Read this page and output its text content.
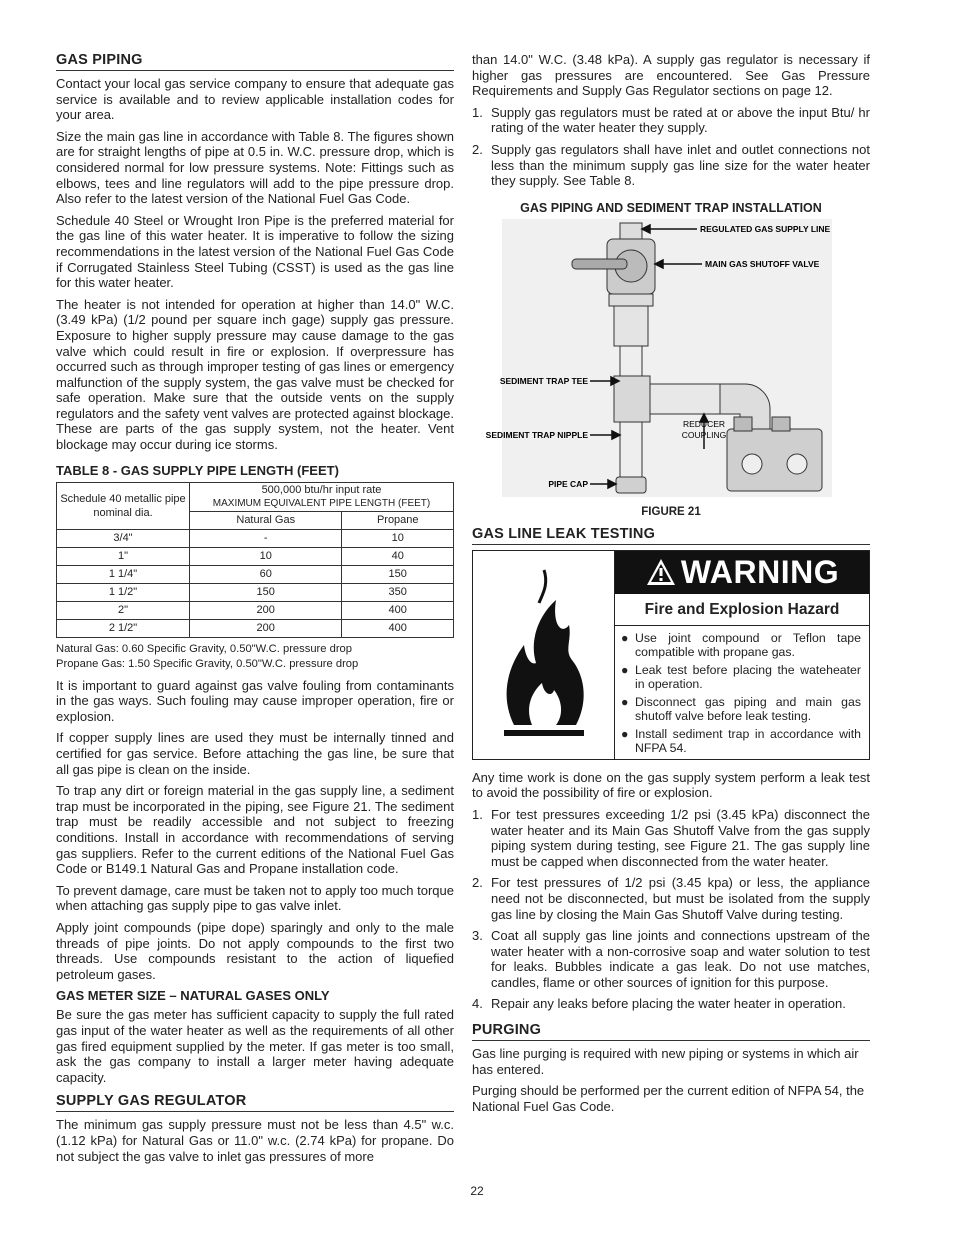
GAS PIPING

Contact your local gas service company to ensure that adequate gas service is available and to review applicable installation codes for your area.

Size the main gas line in accordance with Table 8. The figures shown are for straight lengths of pipe at 0.5 in. W.C. pressure drop, which is considered normal for low pressure systems. Note: Fittings such as elbows, tees and line regulators will add to the pipe pressure drop. Also refer to the latest version of the National Fuel Gas Code.

Schedule 40 Steel or Wrought Iron Pipe is the preferred material for the gas line of this water heater. It is imperative to follow the sizing recommendations in the latest version of the National Fuel Gas Code if Corrugated Stainless Steel Tubing (CSST) is used as the gas line for this water heater.

The heater is not intended for operation at higher than 14.0" W.C. (3.49 kPa) (1/2 pound per square inch gage) supply gas pressure. Exposure to higher supply pressure may cause damage to the gas valve which could result in fire or explosion. If overpressure has occurred such as through improper testing of gas lines or emergency malfunction of the supply system, the gas valve must be checked for safe operation. Make sure that the outside vents on the supply regulators and the safety vent valves are protected against blockage. These are parts of the gas supply system, not the heater. Vent blockage may occur during ice storms.

TABLE 8 - GAS SUPPLY PIPE LENGTH (FEET)
Schedule 40 metallic pipe nominal dia.	500,000 btu/hr input rate
MAXIMUM EQUIVALENT PIPE LENGTH (FEET)	

	Natural Gas	Propane
3/4"	-	10
1"	10	40
1 1/4"	60	150
1 1/2"	150	350
2"	200	400
2 1/2"	200	400
Natural Gas: 0.60 Specific Gravity, 0.50"W.C. pressure drop
Propane Gas: 1.50 Specific Gravity, 0.50"W.C. pressure drop

It is important to guard against gas valve fouling from contaminants in the gas ways. Such fouling may cause improper operation, fire or explosion.

If copper supply lines are used they must be internally tinned and certified for gas service. Before attaching the gas line, be sure that all gas pipe is clean on the inside.

To trap any dirt or foreign material in the gas supply line, a sediment trap must be incorporated in the piping, see Figure 21. The sediment trap must be readily accessible and not subject to freezing conditions. Install in accordance with recommendations of serving gas suppliers. Refer to the current editions of the National Fuel Gas Code or B149.1 Natural Gas and Propane installation code.

To prevent damage, care must be taken not to apply too much torque when attaching gas supply pipe to gas valve inlet.

Apply joint compounds (pipe dope) sparingly and only to the male threads of pipe joints. Do not apply compounds to the first two threads. Use compounds resistant to the action of liquefied petroleum gases.

GAS METER SIZE – NATURAL GASES ONLY

Be sure the gas meter has sufficient capacity to supply the full rated gas input of the water heater as well as the requirements of all other gas fired equipment supplied by the meter. If gas meter is too small, ask the gas company to install a larger meter having adequate capacity.

SUPPLY GAS REGULATOR

The minimum gas supply pressure must not be less than 4.5" w.c. (1.12 kPa) for Natural Gas or 11.0" w.c. (2.74 kPa) for propane. Do not subject the gas valve to inlet gas pressures of more

than 14.0" W.C. (3.48 kPa). A supply gas regulator is necessary if higher gas pressures are encountered. See Gas Pressure Requirements and Supply Gas Regulator sections on page 12.

1. Supply gas regulators must be rated at or above the input Btu/ hr rating of the water heater they supply.
2. Supply gas regulators shall have inlet and outlet connections not less than the minimum supply gas line size for the water heater they supply. See Table 8.
GAS PIPING AND SEDIMENT TRAP INSTALLATION
REGULATED GAS SUPPLY LINE
MAIN GAS SHUTOFF VALVE
SEDIMENT TRAP TEE
SEDIMENT TRAP NIPPLE
PIPE CAP
REDUCER
COUPLING
FIGURE 21
GAS LINE LEAK TESTING
WARNING
Fire and Explosion Hazard
● Use joint compound or Teflon tape compatible with propane gas.
● Leak test before placing the wateheater in operation.
● Disconnect gas piping and main gas shutoff valve before leak testing.
● Install sediment trap in accordance with NFPA 54.

Any time work is done on the gas supply system perform a leak test to avoid the possibility of fire or explosion.

1. For test pressures exceeding 1/2 psi (3.45 kPa) disconnect the water heater and its Main Gas Shutoff Valve from the gas supply piping system during testing, see Figure 21. The gas supply line must be capped when disconnected from the water heater.
2. For test pressures of 1/2 psi (3.45 kpa) or less, the appliance need not be disconnected, but must be isolated from the supply gas line by closing the Main Gas Shutoff Valve during testing.
3. Coat all supply gas line joints and connections upstream of the water heater with a non-corrosive soap and water solution to test for leaks. Bubbles indicate a gas leak. Do not use matches, candles, flame or other sources of ignition for this purpose.
4. Repair any leaks before placing the water heater in operation.
PURGING

Gas line purging is required with new piping or systems in which air has entered.

Purging should be performed per the current edition of NFPA 54, the National Fuel Gas Code.

22
